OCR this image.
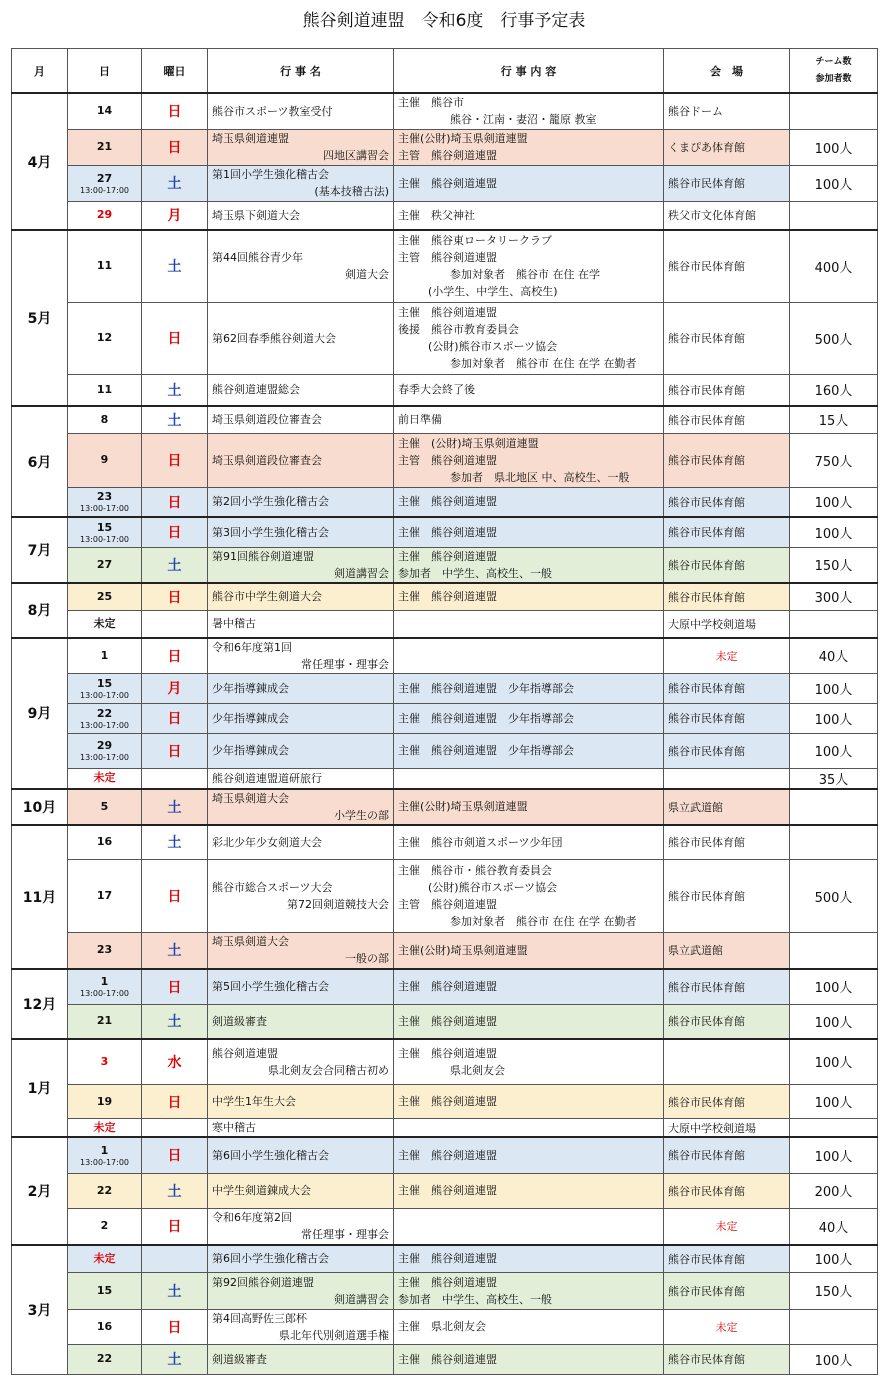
熊谷剣道連盟　令和6度　行事予定表
月	日	曜日	行 事 名	行 事 内 容	会　場	チーム数
参加者数

4月	14	日	熊谷市スポーツ教室受付	主催　熊谷市
熊谷・江南・妻沼・籠原 教室	熊谷ドーム	

	21	日	埼玉県剣道連盟
四地区講習会	主催(公財)埼玉県剣道連盟
主管　熊谷剣道連盟	くまぴあ体育館	100人

	27
13:00-17:00	土	第1回小学生強化稽古会
(基本技稽古法)	主催　熊谷剣道連盟	熊谷市民体育館	100人

	29	月	埼玉県下剣道大会	主催　秩父神社	秩父市文化体育館	
5月	11	土	第44回熊谷青少年
剣道大会	主催　熊谷東ロータリークラブ
主管　熊谷剣道連盟
参加対象者　熊谷市 在住 在学
(小学生、中学生、高校生)	熊谷市民体育館	400人

	12	日	第62回春季熊谷剣道大会	主催　熊谷剣道連盟
後援　熊谷市教育委員会
(公財)熊谷市スポーツ協会
参加対象者　熊谷市 在住 在学 在勤者	熊谷市民体育館	500人

	11	土	熊谷剣道連盟総会	春季大会終了後	熊谷市民体育館	160人
6月	8	土	埼玉県剣道段位審査会	前日準備	熊谷市民体育館	15人

	9	日	埼玉県剣道段位審査会	主催　(公財)埼玉県剣道連盟
主管　熊谷剣道連盟
参加者　県北地区 中、高校生、一般	熊谷市民体育館	750人

	23
13:00-17:00	日	第2回小学生強化稽古会	主催　熊谷剣道連盟	熊谷市民体育館	100人
7月	15
13:00-17:00	日	第3回小学生強化稽古会	主催　熊谷剣道連盟	熊谷市民体育館	100人

	27	土	第91回熊谷剣道連盟
剣道講習会	主催　熊谷剣道連盟
参加者　中学生、高校生、一般	熊谷市民体育館	150人
8月	25	日	熊谷市中学生剣道大会	主催　熊谷剣道連盟	熊谷市民体育館	300人

	未定		暑中稽古		大原中学校剣道場	
9月	1	日	令和6年度第1回
常任理事・理事会		未定	40人

	15
13:00-17:00	月	少年指導錬成会	主催　熊谷剣道連盟　少年指導部会	熊谷市民体育館	100人

	22
13:00-17:00	日	少年指導錬成会	主催　熊谷剣道連盟　少年指導部会	熊谷市民体育館	100人

	29
13:00-17:00	日	少年指導錬成会	主催　熊谷剣道連盟　少年指導部会	熊谷市民体育館	100人

	未定		熊谷剣道連盟道研旅行			35人
10月	5	土	埼玉県剣道大会
小学生の部	主催(公財)埼玉県剣道連盟	県立武道館	
11月	16	土	彩北少年少女剣道大会	主催　熊谷市剣道スポーツ少年団	熊谷市民体育館	

	17	日	熊谷市総合スポーツ大会
第72回剣道競技大会	主催　熊谷市・熊谷教育委員会
(公財)熊谷市スポーツ協会
主管　熊谷剣道連盟
参加対象者　熊谷市 在住 在学 在勤者	熊谷市民体育館	500人

	23	土	埼玉県剣道大会
一般の部	主催(公財)埼玉県剣道連盟	県立武道館	
12月	1
13:00-17:00	日	第5回小学生強化稽古会	主催　熊谷剣道連盟	熊谷市民体育館	100人

	21	土	剣道級審査	主催　熊谷剣道連盟	熊谷市民体育館	100人
1月	3	水	熊谷剣道連盟
県北剣友会合同稽古初め	主催　熊谷剣道連盟
県北剣友会		100人

	19	日	中学生1年生大会	主催　熊谷剣道連盟	熊谷市民体育館	100人

	未定		寒中稽古		大原中学校剣道場	
2月	1
13:00-17:00	日	第6回小学生強化稽古会	主催　熊谷剣道連盟	熊谷市民体育館	100人

	22	土	中学生剣道錬成大会	主催　熊谷剣道連盟	熊谷市民体育館	200人

	2	日	令和6年度第2回
常任理事・理事会		未定	40人
3月	未定		第6回小学生強化稽古会	主催　熊谷剣道連盟	熊谷市民体育館	100人

	15	土	第92回熊谷剣道連盟
剣道講習会	主催　熊谷剣道連盟
参加者　中学生、高校生、一般	熊谷市民体育館	150人

	16	日	第4回高野佐三郎杯
県北年代別剣道選手権	主催　県北剣友会	未定	

	22	土	剣道級審査	主催　熊谷剣道連盟	熊谷市民体育館	100人
